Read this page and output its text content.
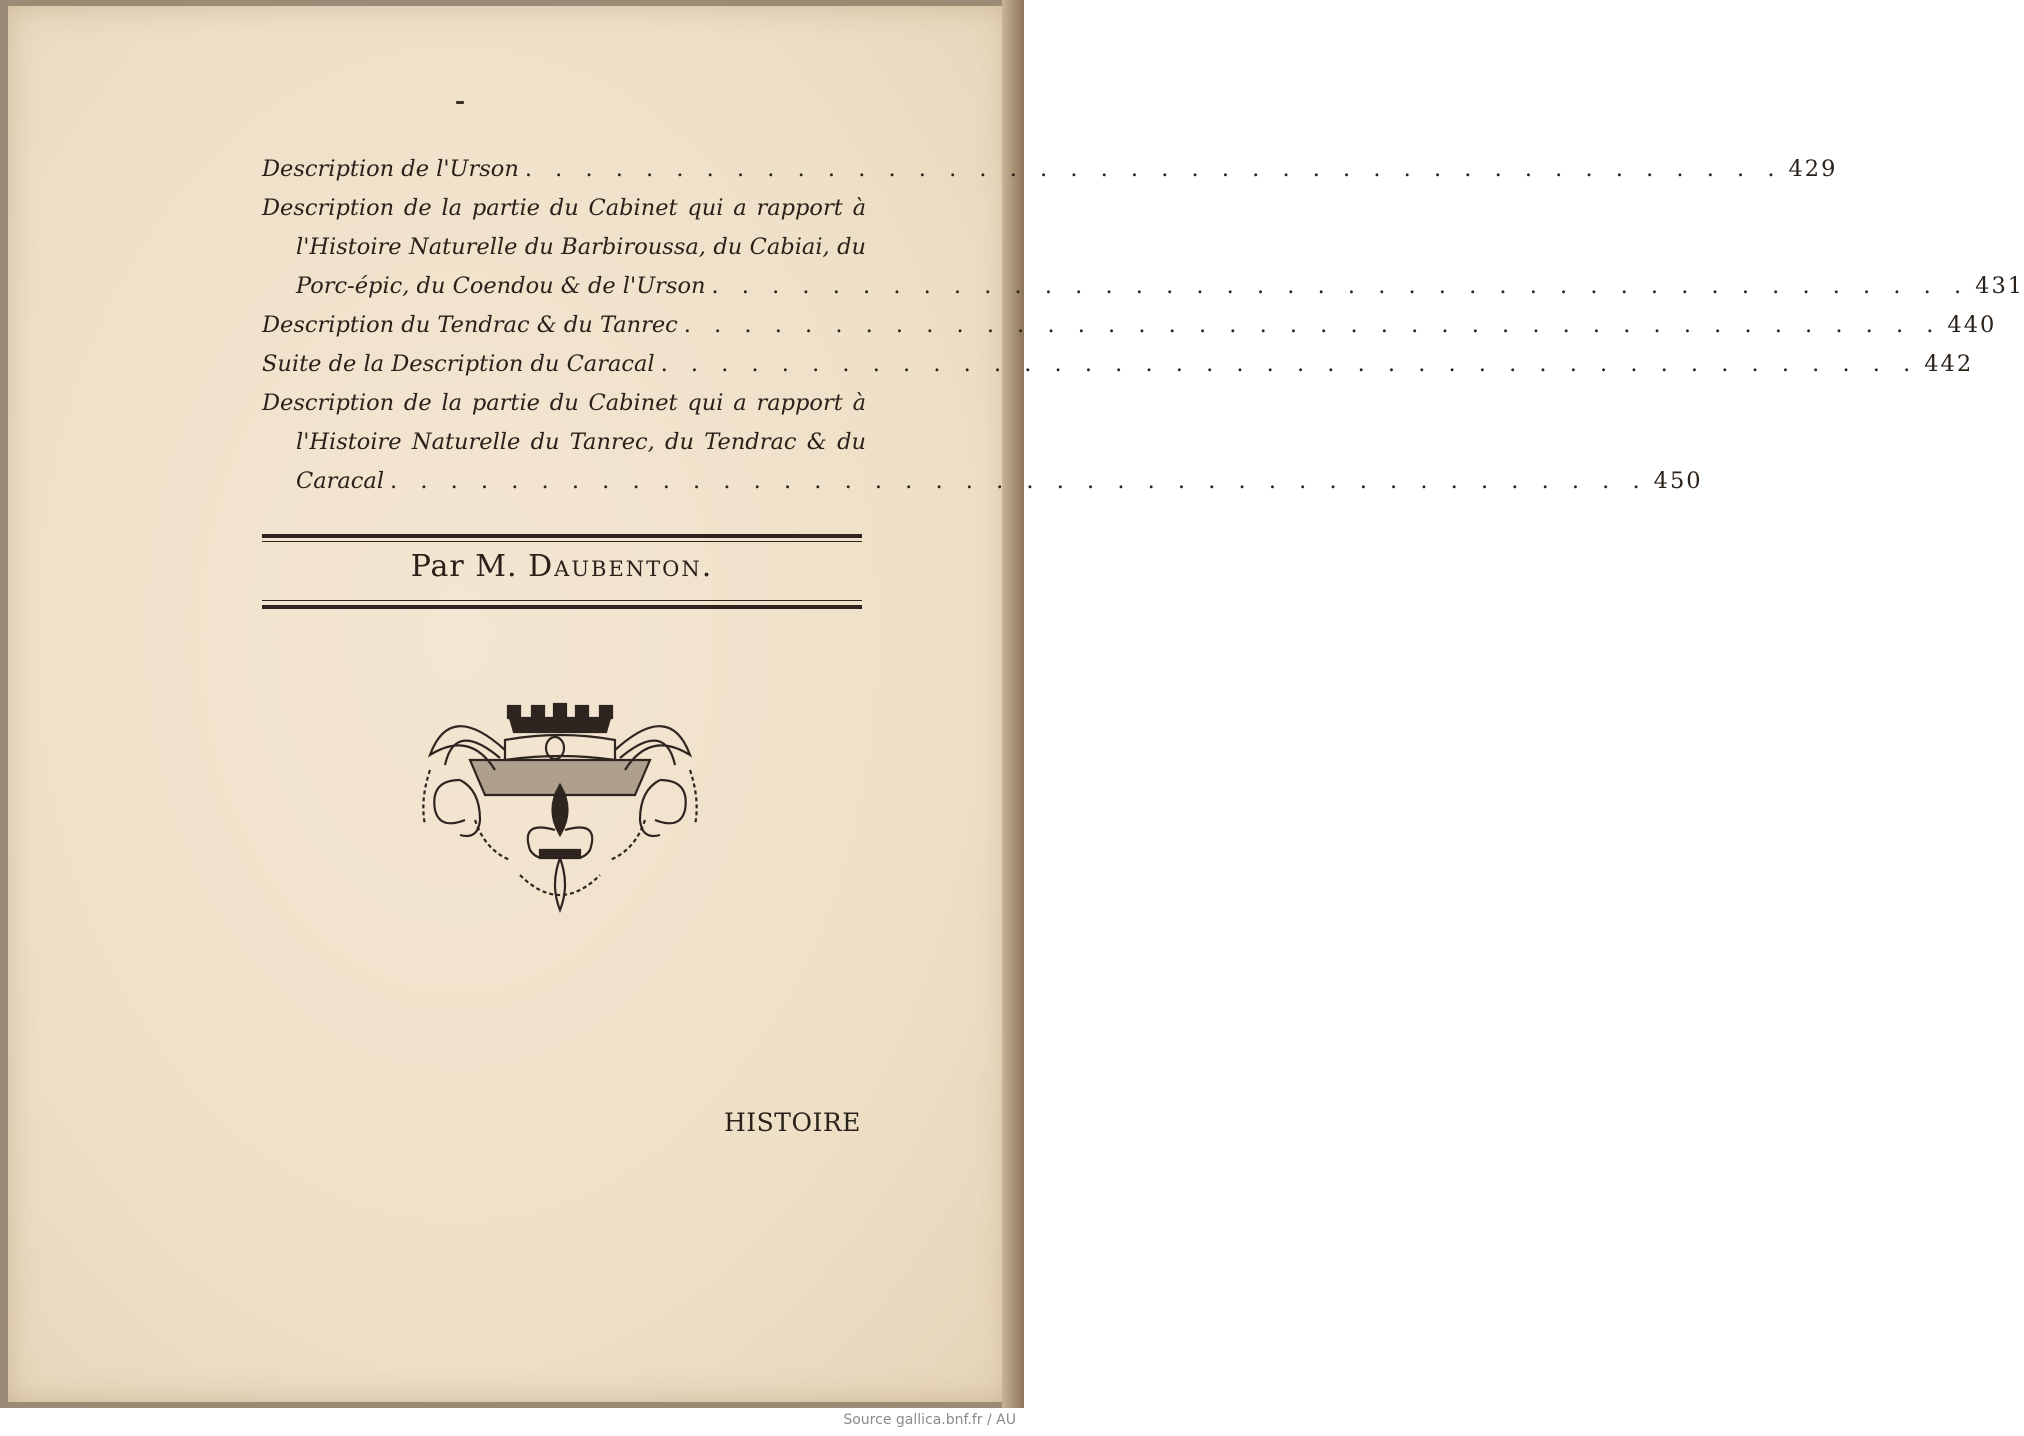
Description de l'Urson . . . . . . . . . . . . . . . . . . . . . . . . . . . . . . . . . . . . . . . . . . 429
Description de la partie du Cabinet qui a rapport à
l'Histoire Naturelle du Barbiroussa, du Cabiai, du
Porc-épic, du Coendou & de l'Urson . . . . . . . . . . . . . . . . . . . . . . . . . . . . . . . . . . . . . . . . . . 431
Description du Tendrac & du Tanrec . . . . . . . . . . . . . . . . . . . . . . . . . . . . . . . . . . . . . . . . . . 440
Suite de la Description du Caracal . . . . . . . . . . . . . . . . . . . . . . . . . . . . . . . . . . . . . . . . . . 442
Description de la partie du Cabinet qui a rapport à
l'Histoire Naturelle du Tanrec, du Tendrac & du
Caracal . . . . . . . . . . . . . . . . . . . . . . . . . . . . . . . . . . . . . . . . . . 450
Par M. Daubenton.
HISTOIRE
Source gallica.bnf.fr / AU
